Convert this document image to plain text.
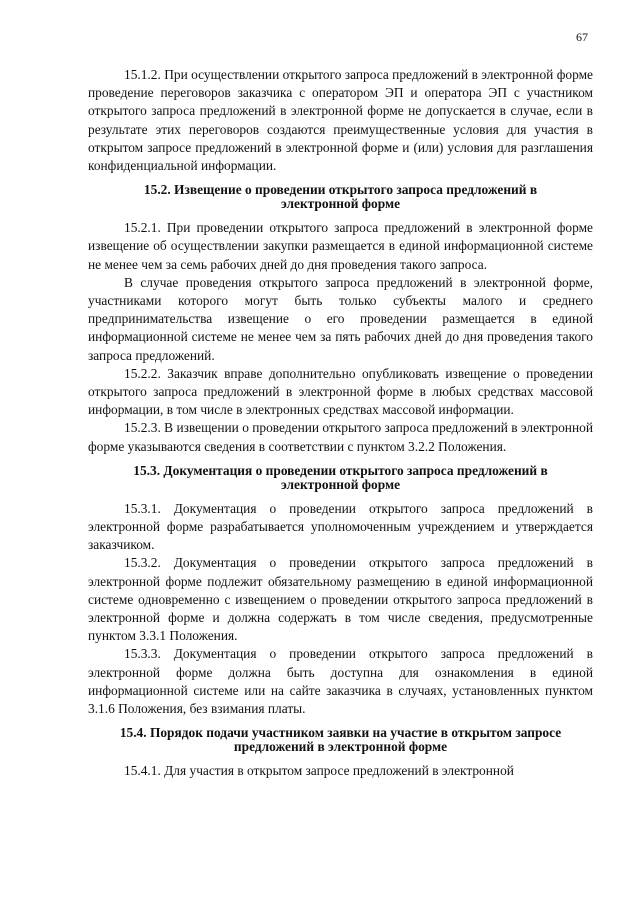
67

15.1.2. При осуществлении открытого запроса предложений в электронной форме проведение переговоров заказчика с оператором ЭП и оператора ЭП с участником открытого запроса предложений в электронной форме не допускается в случае, если в результате этих переговоров создаются преимущественные условия для участия в открытом запросе предложений в электронной форме и (или) условия для разглашения конфиденциальной информации.

15.2. Извещение о проведении открытого запроса предложений в электронной форме

15.2.1. При проведении открытого запроса предложений в электронной форме извещение об осуществлении закупки размещается в единой информационной системе не менее чем за семь рабочих дней до дня проведения такого запроса.

В случае проведения открытого запроса предложений в электронной форме, участниками которого могут быть только субъекты малого и среднего предпринимательства извещение о его проведении размещается в единой информационной системе не менее чем за пять рабочих дней до дня проведения такого запроса предложений.

15.2.2. Заказчик вправе дополнительно опубликовать извещение о проведении открытого запроса предложений в электронной форме в любых средствах массовой информации, в том числе в электронных средствах массовой информации.

15.2.3. В извещении о проведении открытого запроса предложений в электронной форме указываются сведения в соответствии с пунктом 3.2.2 Положения.

15.3. Документация о проведении открытого запроса предложений в электронной форме

15.3.1. Документация о проведении открытого запроса предложений в электронной форме разрабатывается уполномоченным учреждением и утверждается заказчиком.

15.3.2. Документация о проведении открытого запроса предложений в электронной форме подлежит обязательному размещению в единой информационной системе одновременно с извещением о проведении открытого запроса предложений в электронной форме и должна содержать в том числе сведения, предусмотренные пунктом 3.3.1 Положения.

15.3.3. Документация о проведении открытого запроса предложений в электронной форме должна быть доступна для ознакомления в единой информационной системе или на сайте заказчика в случаях, установленных пунктом 3.1.6 Положения, без взимания платы.

15.4. Порядок подачи участником заявки на участие в открытом запросе предложений в электронной форме

15.4.1. Для участия в открытом запросе предложений в электронной
